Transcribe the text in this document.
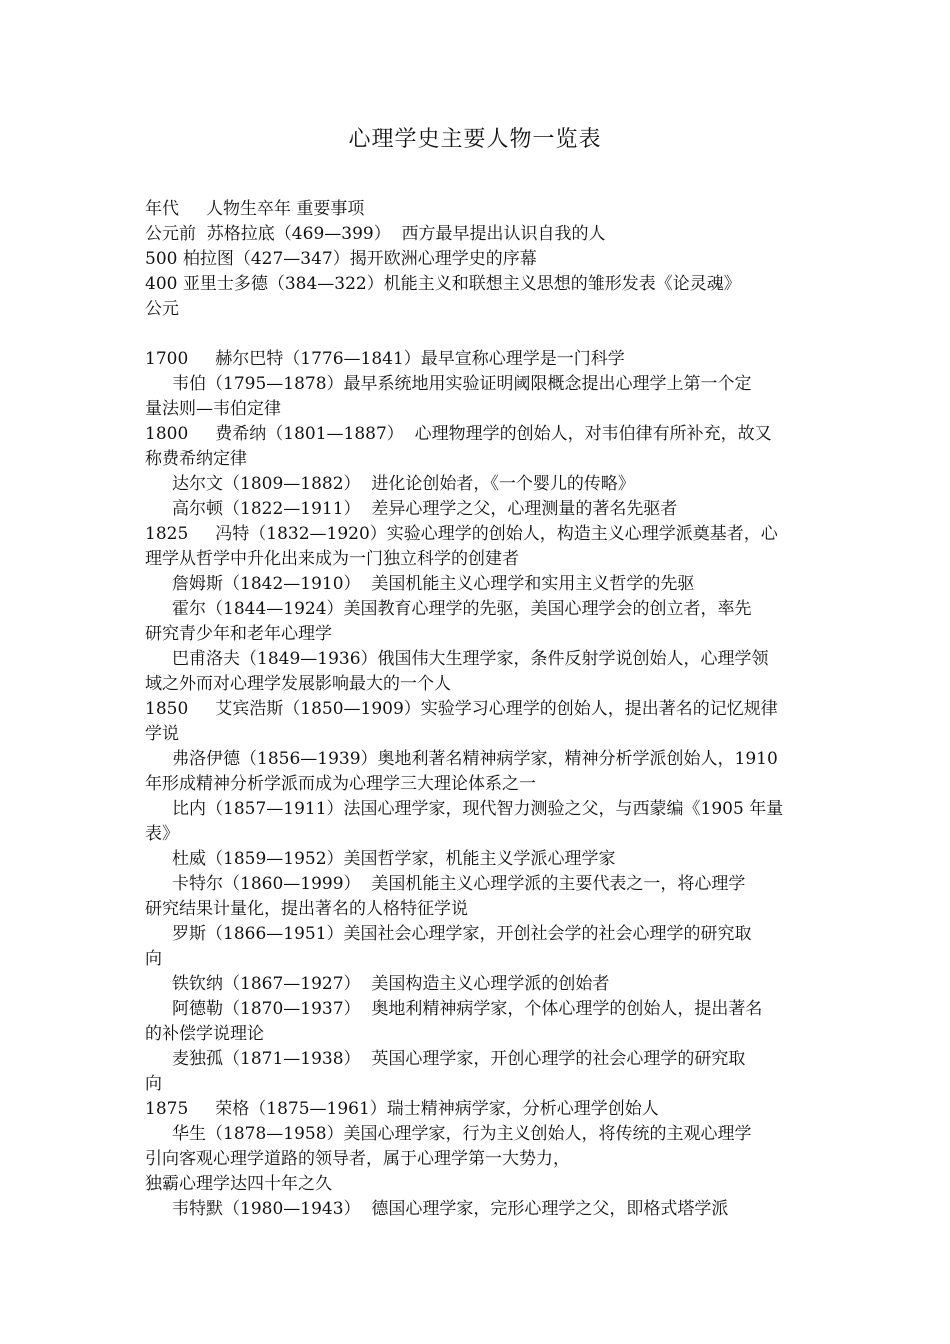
心理学史主要人物一览表
年代     人物生卒年 重要事项
公元前  苏格拉底（469—399）  西方最早提出认识自我的人
500 柏拉图（427—347）揭开欧洲心理学史的序幕
400 亚里士多德（384—322）机能主义和联想主义思想的雏形发表《论灵魂》
公元
1700     赫尔巴特（1776—1841）最早宣称心理学是一门科学
韦伯（1795—1878）最早系统地用实验证明阈限概念提出心理学上第一个定
量法则—韦伯定律
1800     费希纳（1801—1887）  心理物理学的创始人，对韦伯律有所补充，故又
称费希纳定律
达尔文（1809—1882）  进化论创始者，《一个婴儿的传略》
高尔顿（1822—1911）  差异心理学之父，心理测量的著名先驱者
1825     冯特（1832—1920）实验心理学的创始人，构造主义心理学派奠基者，心
理学从哲学中升化出来成为一门独立科学的创建者
詹姆斯（1842—1910）  美国机能主义心理学和实用主义哲学的先驱
霍尔（1844—1924）美国教育心理学的先驱，美国心理学会的创立者，率先
研究青少年和老年心理学
巴甫洛夫（1849—1936）俄国伟大生理学家，条件反射学说创始人，心理学领
域之外而对心理学发展影响最大的一个人
1850     艾宾浩斯（1850—1909）实验学习心理学的创始人，提出著名的记忆规律
学说
弗洛伊德（1856—1939）奥地利著名精神病学家，精神分析学派创始人，1910
年形成精神分析学派而成为心理学三大理论体系之一
比内（1857—1911）法国心理学家，现代智力测验之父，与西蒙编《1905 年量
表》
杜威（1859—1952）美国哲学家，机能主义学派心理学家
卡特尔（1860—1999）  美国机能主义心理学派的主要代表之一，将心理学
研究结果计量化，提出著名的人格特征学说
罗斯（1866—1951）美国社会心理学家，开创社会学的社会心理学的研究取
向
铁钦纳（1867—1927）  美国构造主义心理学派的创始者
阿德勒（1870—1937）  奥地利精神病学家，个体心理学的创始人，提出著名
的补偿学说理论
麦独孤（1871—1938）  英国心理学家，开创心理学的社会心理学的研究取
向
1875     荣格（1875—1961）瑞士精神病学家，分析心理学创始人
华生（1878—1958）美国心理学家，行为主义创始人，将传统的主观心理学
引向客观心理学道路的领导者，属于心理学第一大势力，
独霸心理学达四十年之久
韦特默（1980—1943）  德国心理学家，完形心理学之父，即格式塔学派
